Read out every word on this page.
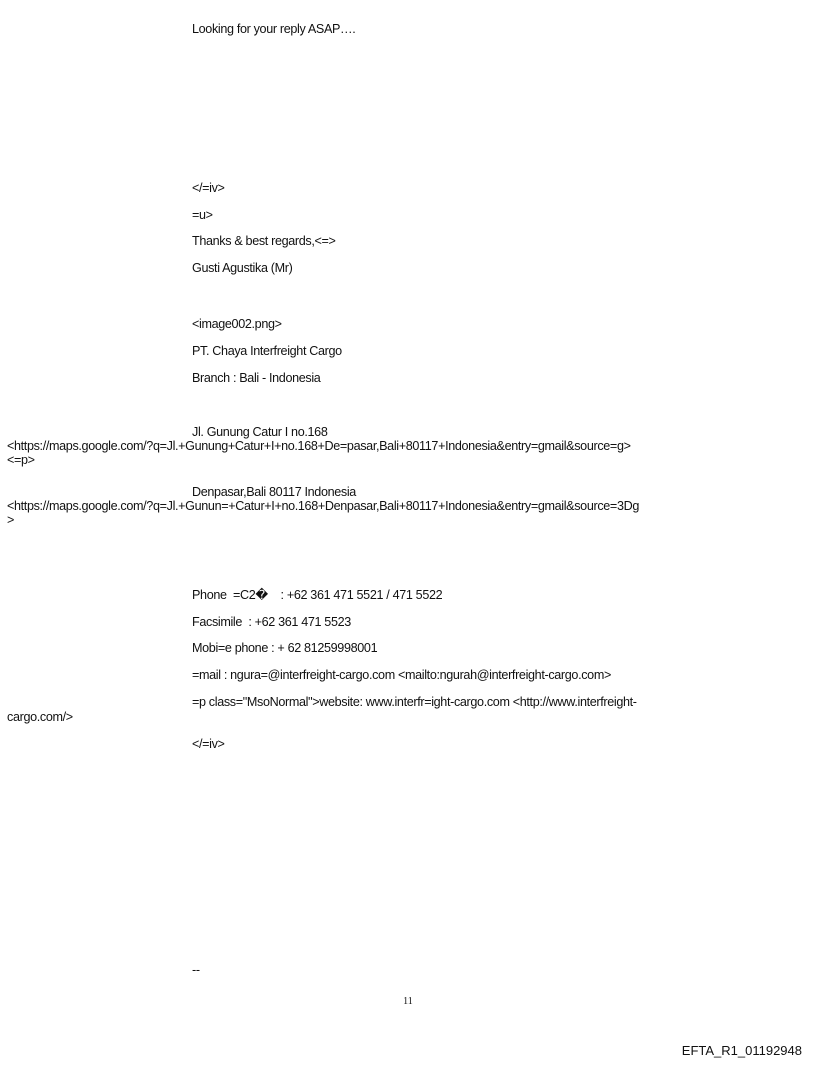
Looking for your reply ASAP….
</=iv>
=u>
Thanks & best regards,<=>
Gusti Agustika (Mr)
<image002.png>
PT. Chaya Interfreight Cargo
Branch : Bali - Indonesia
Jl. Gunung Catur I no.168
<https://maps.google.com/?q=Jl.+Gunung+Catur+I+no.168+De=pasar,Bali+80117+Indonesia&entry=gmail&source=g>
<=p>
Denpasar,Bali 80117 Indonesia
<https://maps.google.com/?q=Jl.+Gunun=+Catur+I+no.168+Denpasar,Bali+80117+Indonesia&entry=gmail&source=3Dg
>
Phone  =C2�    : +62 361 471 5521 / 471 5522
Facsimile  : +62 361 471 5523
Mobi=e phone : + 62 81259998001
=mail : ngura=@interfreight-cargo.com <mailto:ngurah@interfreight-cargo.com>
=p class="MsoNormal">website: www.interfr=ight-cargo.com <http://www.interfreight-
cargo.com/>
</=iv>
--
11
EFTA_R1_01192948
